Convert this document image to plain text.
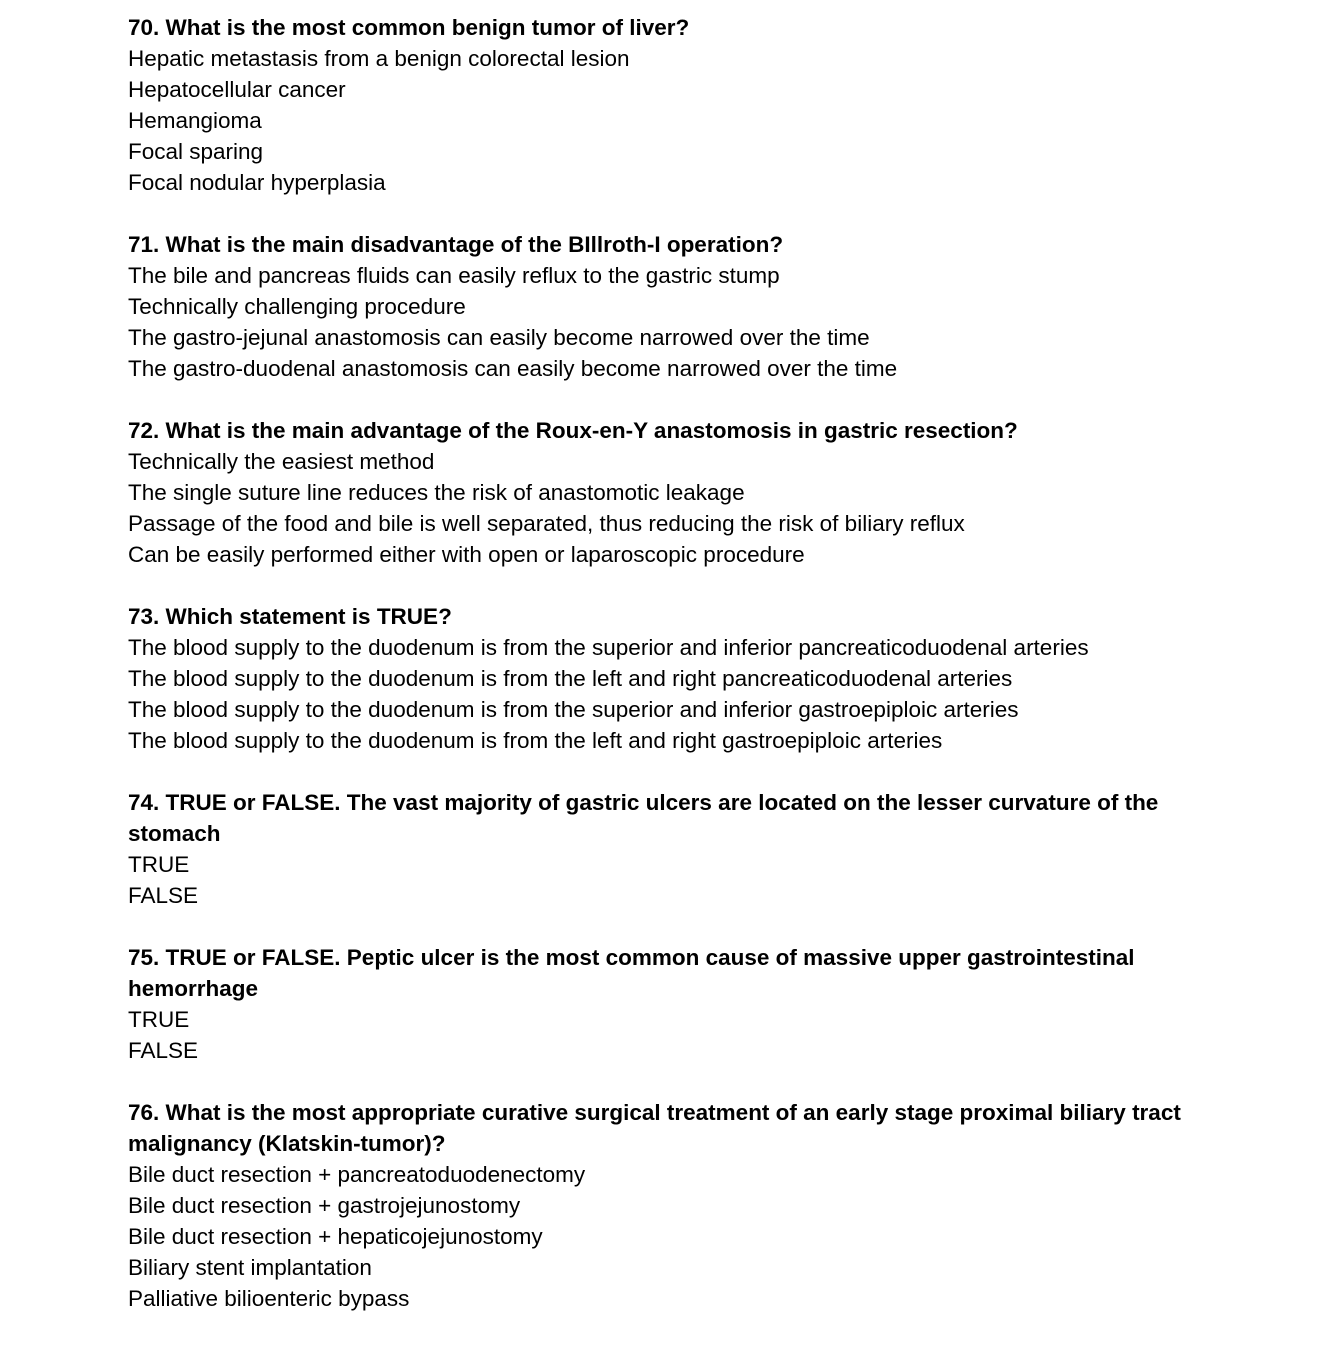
70. What is the most common benign tumor of liver?

Hepatic metastasis from a benign colorectal lesion

Hepatocellular cancer

Hemangioma

Focal sparing

Focal nodular hyperplasia

71. What is the main disadvantage of the BIllroth-I operation?

The bile and pancreas fluids can easily reflux to the gastric stump

Technically challenging procedure

The gastro-jejunal anastomosis can easily become narrowed over the time

The gastro-duodenal anastomosis can easily become narrowed over the time

72. What is the main advantage of the Roux-en-Y anastomosis in gastric resection?

Technically the easiest method

The single suture line reduces the risk of anastomotic leakage

Passage of the food and bile is well separated, thus reducing the risk of biliary reflux

Can be easily performed either with open or laparoscopic procedure

73. Which statement is TRUE?

The blood supply to the duodenum is from the superior and inferior pancreaticoduodenal arteries

The blood supply to the duodenum is from the left and right pancreaticoduodenal arteries

The blood supply to the duodenum is from the superior and inferior gastroepiploic arteries

The blood supply to the duodenum is from the left and right gastroepiploic arteries

74. TRUE or FALSE. The vast majority of gastric ulcers are located on the lesser curvature of the stomach

TRUE

FALSE

75. TRUE or FALSE. Peptic ulcer is the most common cause of massive upper gastrointestinal hemorrhage

TRUE

FALSE

76. What is the most appropriate curative surgical treatment of an early stage proximal biliary tract malignancy (Klatskin-tumor)?

Bile duct resection + pancreatoduodenectomy

Bile duct resection + gastrojejunostomy

Bile duct resection + hepaticojejunostomy

Biliary stent implantation

Palliative bilioenteric bypass
